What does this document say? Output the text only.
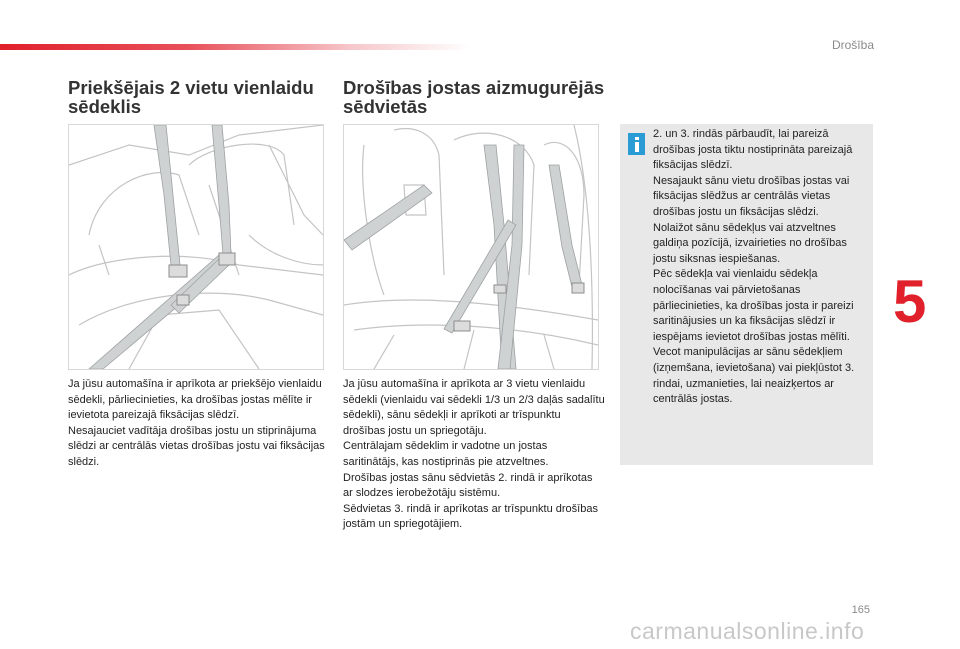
Drošība
5
Priekšējais 2 vietu vienlaidu sēdeklis

Ja jūsu automašīna ir aprīkota ar priekšējo vienlaidu sēdekli, pārliecinieties, ka drošības jostas mēlīte ir ievietota pareizajā fiksācijas slēdzī.

Nesajauciet vadītāja drošības jostu un stiprinājuma slēdzi ar centrālās vietas drošības jostu vai fiksācijas slēdzi.

Drošības jostas aizmugurējās sēdvietās

Ja jūsu automašīna ir aprīkota ar 3 vietu vienlaidu sēdekli (vienlaidu vai sēdekli 1/3 un 2/3 daļās sadalītu sēdekli), sānu sēdekļi ir aprīkoti ar trīspunktu drošības jostu un spriegotāju.

Centrālajam sēdeklim ir vadotne un jostas saritinātājs, kas nostiprinās pie atzveltnes.

Drošības jostas sānu sēdvietās 2. rindā ir aprīkotas ar slodzes ierobežotāju sistēmu.

Sēdvietas 3. rindā ir aprīkotas ar trīspunktu drošības jostām un spriegotājiem.

2. un 3. rindās pārbaudīt, lai pareizā drošības josta tiktu nostiprināta pareizajā fiksācijas slēdzī.

Nesajaukt sānu vietu drošības jostas vai fiksācijas slēdžus ar centrālās vietas drošības jostu un fiksācijas slēdzi.

Nolaižot sānu sēdekļus vai atzveltnes galdiņa pozīcijā, izvairieties no drošības jostu siksnas iespiešanas.

Pēc sēdekļa vai vienlaidu sēdekļa nolocīšanas vai pārvietošanas pārliecinieties, ka drošības josta ir pareizi saritinājusies un ka fiksācijas slēdzī ir iespējams ievietot drošības jostas mēlīti.

Vecot manipulācijas ar sānu sēdekļiem (izņemšana, ievietošana) vai piekļūstot 3. rindai, uzmanieties, lai neaizķertos ar centrālās jostas.

165
carmanualsonline.info
